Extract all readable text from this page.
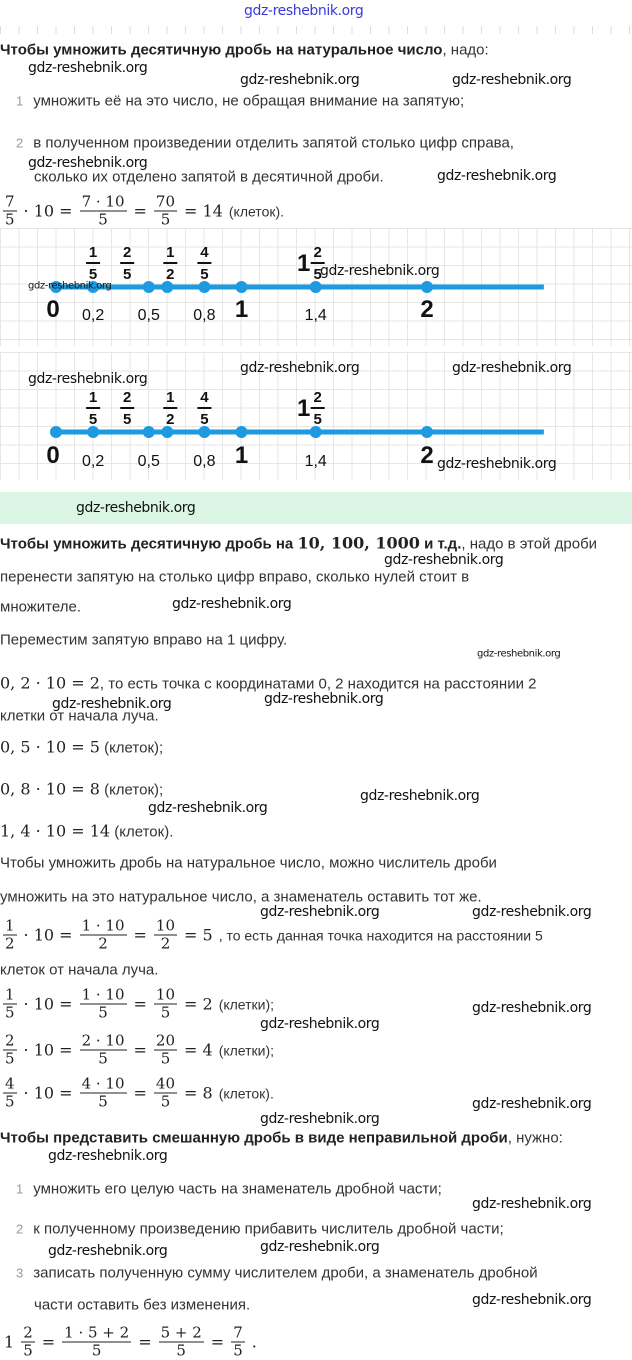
gdz-reshebnik.org
Чтобы умножить десятичную дробь на натуральное число, надо:
1 умножить её на это число, не обращая внимание на запятую;
2 в полученном произведении отделить запятой столько цифр справа,
сколько их отделено запятой в десятичной дроби.
$\frac{7}{5} \cdot 10 = \frac{7 \cdot 10}{5} = \frac{70}{5} = 14$ (клеток).
1
5
2
5
1
2
4
5	1 2
5
0 0,2 0,5 0,8 1	1,4	2
1
5
2
5
1
2
4
5	1 2
5
0 0,2 0,5 0,8 1	1,4	2
Чтобы умножить десятичную дробь на 10, 100, 1000 и т.д., надо в этой дроби
перенести запятую на столько цифр вправо, сколько нулей стоит в
множителе.
Переместим запятую вправо на 1 цифру.
0, 2 · 10 = 2, то есть точка с координатами 0, 2 находится на расстоянии 2
клетки от начала луча.
0, 5 · 10 = 5 (клеток);
0, 8 · 10 = 8 (клеток);
1, 4 · 10 = 14 (клеток).
Чтобы умножить дробь на натуральное число, можно числитель дроби
умножить на это натуральное число, а знаменатель оставить тот же.
$\frac{1}{2} \cdot 10 = \frac{1 \cdot 10}{2} = \frac{10}{2} = 5$ , то есть данная точка находится на расстоянии 5
клеток от начала луча.
$\frac{1}{5} \cdot 10 = \frac{1 \cdot 10}{5} = \frac{10}{5} = 2$ (клетки);
$\frac{2}{5} \cdot 10 = \frac{2 \cdot 10}{5} = \frac{20}{5} = 4$ (клетки);
$\frac{4}{5} \cdot 10 = \frac{4 \cdot 10}{5} = \frac{40}{5} = 8$ (клеток).
Чтобы представить смешанную дробь в виде неправильной дроби, нужно:
1 умножить его целую часть на знаменатель дробной части;
2 к полученному произведению прибавить числитель дробной части;
3 записать полученную сумму числителем дроби, а знаменатель дробной
части оставить без изменения.
$1 \frac{2}{5} = \frac{1 \cdot 5 + 2}{5} = \frac{5 + 2}{5} = \frac{7}{5}$ .
gdz-reshebnik.org
gdz-reshebnik.org	gdz-reshebnik.org
gdz-reshebnik.org
gdz-reshebnik.org
gdz-reshebnik.org
gdz-reshebnik.org
gdz-reshebnik.org
gdz-reshebnik.org	gdz-reshebnik.org
gdz-reshebnik.org
gdz-reshebnik.org
gdz-reshebnik.org
gdz-reshebnik.org
gdz-reshebnik.org
gdz-reshebnik.org	gdz-reshebnik.org
gdz-reshebnik.org
gdz-reshebnik.org
gdz-reshebnik.org	gdz-reshebnik.org
gdz-reshebnik.org
gdz-reshebnik.org
gdz-reshebnik.org
gdz-reshebnik.org
gdz-reshebnik.org
gdz-reshebnik.org
gdz-reshebnik.org	gdz-reshebnik.org
gdz-reshebnik.org
